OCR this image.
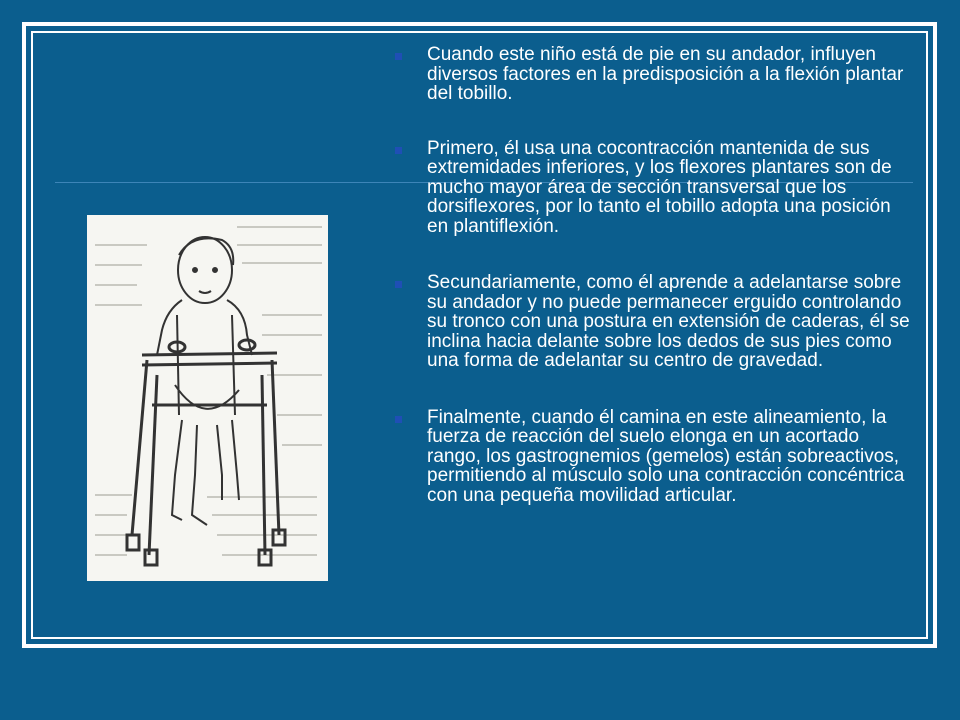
Cuando este niño está de pie en su andador, influyen diversos factores en la predisposición a la flexión plantar del tobillo.
Primero, él usa una cocontracción mantenida de sus extremidades inferiores, y los flexores plantares son de mucho mayor área de sección transversal que los dorsiflexores, por lo tanto el tobillo adopta una posición en plantiflexión.
Secundariamente, como él aprende a adelantarse sobre su andador y no puede permanecer erguido controlando su tronco con una postura en extensión de caderas, él se inclina hacia delante sobre los dedos de sus pies como una forma de adelantar su centro de gravedad.
Finalmente, cuando él camina en este alineamiento, la fuerza de reacción del suelo elonga en un acortado rango, los gastrognemios (gemelos) están sobreactivos, permitiendo al músculo solo una contracción concéntrica con una pequeña movilidad articular.
